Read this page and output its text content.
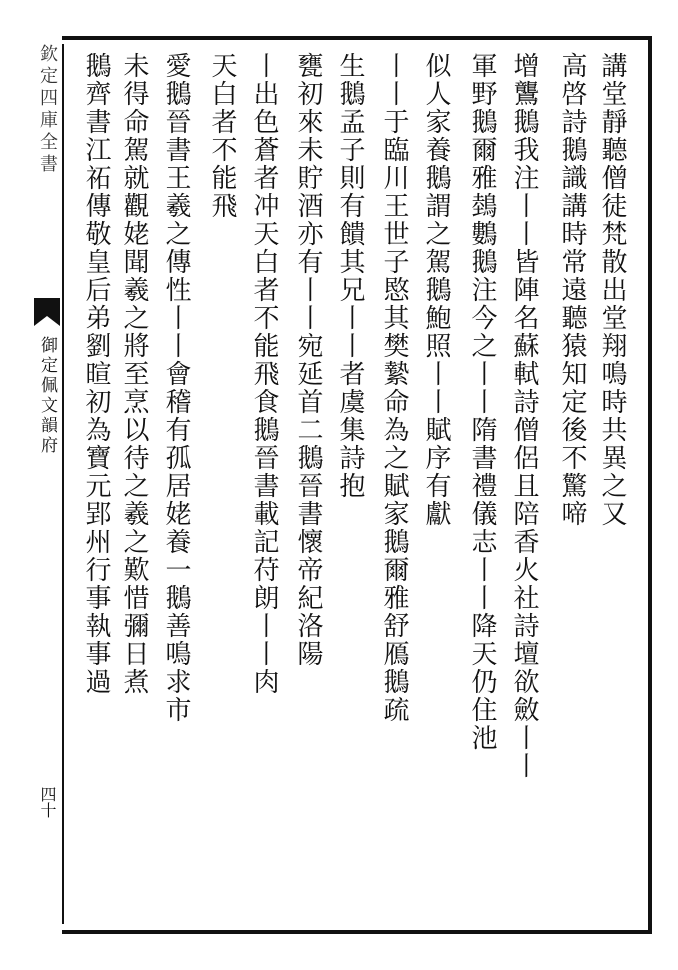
欽定四庫全書
御定佩文韻府
四十
講堂靜聽僧徒梵散出堂翔鳴時共異之又
高啓詩鵝識講時常遠聽猿知定後不驚啼
增鸗鵝我注丨丨皆陣名蘇軾詩僧侶且陪香火社詩壇欲斂丨丨
軍野鵝爾雅鵱鷜鵝注今之丨丨隋書禮儀志丨丨降天仍住池
似人家養鵝謂之駕鵝鮑照丨丨賦序有獻
丨丨于臨川王世子愍其樊縶命為之賦家鵝爾雅舒鴈鵝疏
生鵝孟子則有饋其兄丨丨者虞集詩抱
甕初來未貯酒亦有丨丨宛延首二鵝晉書懷帝紀洛陽
丨出色蒼者冲天白者不能飛食鵝晉書載記苻朗丨丨肉
天白者不能飛
愛鵝晉書王羲之傳性丨丨會稽有孤居姥養一鵝善鳴求市
未得命駕就觀姥聞羲之將至烹以待之羲之歎惜彌日煮
鵝齊書江祏傳敬皇后弟劉暄初為寶元郢州行事執事過
